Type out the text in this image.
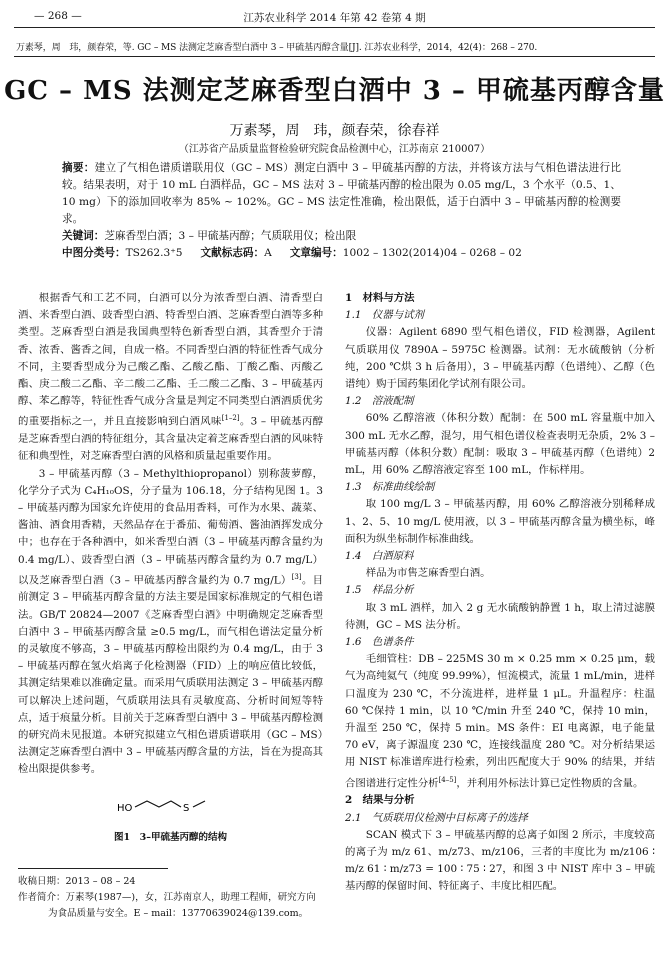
— 268 —	江苏农业科学 2014 年第 42 卷第 4 期
万素琴，周　玮，颜春荣，等. GC – MS 法测定芝麻香型白酒中 3 – 甲硫基丙醇含量[J]. 江苏农业科学，2014，42(4)：268 – 270.
GC – MS 法测定芝麻香型白酒中 3 – 甲硫基丙醇含量
万素琴，周　玮，颜春荣，徐春祥
（江苏省产品质量监督检验研究院食品检测中心，江苏南京 210007）

摘要：建立了气相色谱质谱联用仪（GC – MS）测定白酒中 3 – 甲硫基丙醇的方法，并将该方法与气相色谱法进行比较。结果表明，对于 10 mL 白酒样品，GC – MS 法对 3 – 甲硫基丙醇的检出限为 0.05 mg/L，3 个水平（0.5、1、10 mg）下的添加回收率为 85% ~ 102%。GC – MS 法定性准确，检出限低，适于白酒中 3 – 甲硫基丙醇的检测要求。

关键词：芝麻香型白酒；3 – 甲硫基丙醇；气质联用仪；检出限

中图分类号：TS262.3⁺5 文献标志码：A 文章编号：1002 – 1302(2014)04 – 0268 – 02

根据香气和工艺不同，白酒可以分为浓香型白酒、清香型白酒、米香型白酒、豉香型白酒、特香型白酒、芝麻香型白酒等多种类型。芝麻香型白酒是我国典型特色新香型白酒，其香型介于清香、浓香、酱香之间，自成一格。不同香型白酒的特征性香气成分不同，主要香型成分为己酸乙酯、乙酸乙酯、丁酸乙酯、丙酸乙酯、庚二酸二乙酯、辛二酸二乙酯、壬二酸二乙酯、3 – 甲硫基丙醇、苯乙醇等，特征性香气成分含量是判定不同类型白酒酒质优劣的重要指标之一，并且直接影响到白酒风味[1–2]。3 – 甲硫基丙醇是芝麻香型白酒的特征组分，其含量决定着芝麻香型白酒的风味特征和典型性，对芝麻香型白酒的风格和质量起重要作用。

3 – 甲硫基丙醇（3 – Methylthiopropanol）别称菠萝醇，化学分子式为 C₄H₁₀OS，分子量为 106.18，分子结构见图 1。3 – 甲硫基丙醇为国家允许使用的食品用香料，可作为水果、蔬菜、酱油、酒食用香精，天然品存在于番茄、葡萄酒、酱油酒挥发成分中；也存在于各种酒中，如米香型白酒（3 – 甲硫基丙醇含量约为 0.4 mg/L）、豉香型白酒（3 – 甲硫基丙醇含量约为 0.7 mg/L）以及芝麻香型白酒（3 – 甲硫基丙醇含量约为 0.7 mg/L）[3]。目前测定 3 – 甲硫基丙醇含量的方法主要是国家标准规定的气相色谱法。GB/T 20824—2007《芝麻香型白酒》中明确规定芝麻香型白酒中 3 – 甲硫基丙醇含量 ≥0.5 mg/L，而气相色谱法定量分析的灵敏度不够高，3 – 甲硫基丙醇检出限约为 0.4 mg/L，由于 3 – 甲硫基丙醇在氢火焰离子化检测器（FID）上的响应值比较低，其测定结果难以准确定量。而采用气质联用法测定 3 – 甲硫基丙醇可以解决上述问题，气质联用法具有灵敏度高、分析时间短等特点，适于痕量分析。目前关于芝麻香型白酒中 3 – 甲硫基丙醇检测的研究尚未见报道。本研究拟建立气相色谱质谱联用（GC – MS）法测定芝麻香型白酒中 3 – 甲硫基丙醇含量的方法，旨在为提高其检出限提供参考。

HO	S
图1　3–甲硫基丙醇的结构

收稿日期：2013 – 08 – 24

作者简介：万素琴(1987—)，女，江苏南京人，助理工程师，研究方向

为食品质量与安全。E – mail：13770639024@139.com。

1　材料与方法

1.1　仪器与试剂

仪器：Agilent 6890 型气相色谱仪，FID 检测器，Agilent 气质联用仪 7890A – 5975C 检测器。试剂：无水硫酸钠（分析纯，200 ℃烘 3 h 后备用），3 – 甲硫基丙醇（色谱纯）、乙醇（色谱纯）购于国药集团化学试剂有限公司。

1.2　溶液配制

60% 乙醇溶液（体积分数）配制：在 500 mL 容量瓶中加入 300 mL 无水乙醇，混匀，用气相色谱仪检查表明无杂质，2% 3 – 甲硫基丙醇（体积分数）配制：吸取 3 – 甲硫基丙醇（色谱纯）2 mL，用 60% 乙醇溶液定容至 100 mL，作标样用。

1.3　标准曲线绘制

取 100 mg/L 3 – 甲硫基丙醇，用 60% 乙醇溶液分别稀释成 1、2、5、10 mg/L 使用液，以 3 – 甲硫基丙醇含量为横坐标，峰面积为纵坐标制作标准曲线。

1.4　白酒原料

样品为市售芝麻香型白酒。

1.5　样品分析

取 3 mL 酒样，加入 2 g 无水硫酸钠静置 1 h，取上清过滤膜待测，GC – MS 法分析。

1.6　色谱条件

毛细管柱：DB – 225MS 30 m × 0.25 mm × 0.25 μm，载气为高纯氦气（纯度 99.99%），恒流模式，流量 1 mL/min，进样口温度为 230 ℃，不分流进样，进样量 1 μL。升温程序：柱温 60 ℃保持 1 min，以 10 ℃/min 升至 240 ℃，保持 10 min，升温至 250 ℃，保持 5 min。MS 条件：EI 电离源，电子能量 70 eV，离子源温度 230 ℃，连接线温度 280 ℃。对分析结果运用 NIST 标准谱库进行检索，列出匹配度大于 90% 的结果，并结合图谱进行定性分析[4–5]，并利用外标法计算已定性物质的含量。

2　结果与分析

2.1　气质联用仪检测中目标离子的选择

SCAN 模式下 3 – 甲硫基丙醇的总离子如图 2 所示，丰度较高的离子为 m/z 61、m/z73、m/z106，三者的丰度比为 m/z106 ∶ m/z 61 ∶ m/z73 = 100 ∶ 75 ∶ 27，和图 3 中 NIST 库中 3 – 甲硫基丙醇的保留时间、特征离子、丰度比相匹配。
